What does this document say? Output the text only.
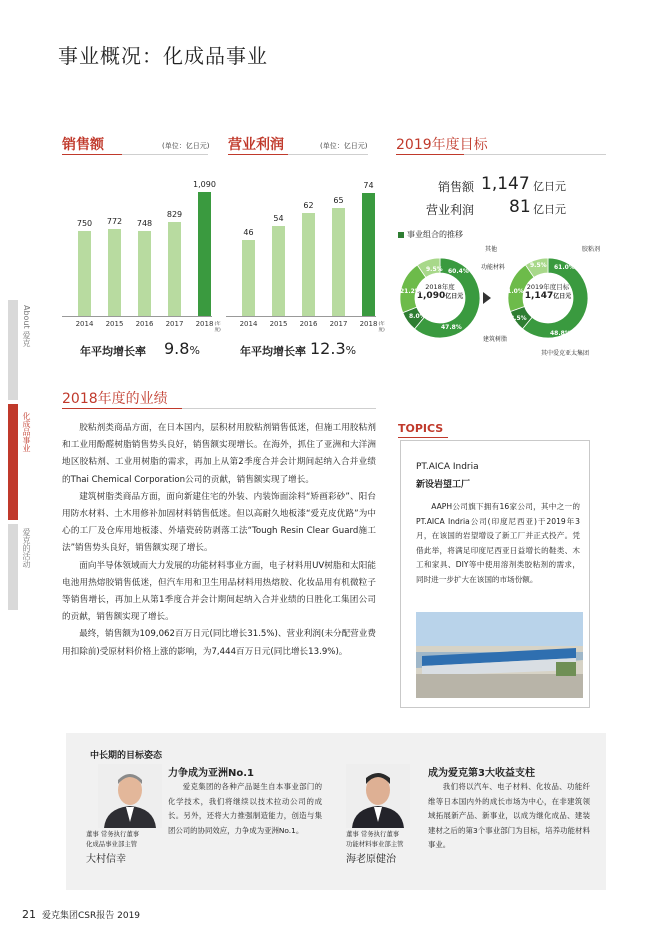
事业概况：化成品事业
About 爱克
化成品事业
爱克的活动
销售额	(单位：亿日元)
750
2014
772
2015
748
2016
829
2017
1,090
2018 (年度)
年平均增长率 9.8%
营业利润	(单位：亿日元)
46
2014
54
2015
62
2016
65
2017
74
2018 (年度)
年平均增长率 12.3%
2019年度目标
销售额 1,147 亿日元
营业利润 81 亿日元
事业组合的推移
2018年度
1,090亿日元
2019年度目标
1,147亿日元
其他
功能材料
胶粘剂
建筑树脂
其中爱克亚太集团
60.4%
47.8%
21.2%
8.0%
9.5%	61.0%
48.8%
21.0%
8.5%
9.5%
2018年度的业绩

胶粘剂类商品方面，在日本国内，层积材用胶粘剂销售低迷，但施工用胶粘剂和工业用酚醛树脂销售势头良好，销售额实现增长。在海外，抓住了亚洲和大洋洲地区胶粘剂、工业用树脂的需求，再加上从第2季度合并会计期间起纳入合并业绩的Thai Chemical Corporation公司的贡献，销售额实现了增长。

建筑树脂类商品方面，面向新建住宅的外装、内装饰面涂料“矫画彩砂”、阳台用防水材料、土木用修补加固材料销售低迷。但以高耐久地板漆“爱克皮优路”为中心的工厂及仓库用地板漆、外墙瓷砖防剥落工法“Tough Resin Clear Guard施工法”销售势头良好，销售额实现了增长。

面向半导体领域而大力发展的功能材料事业方面，电子材料用UV树脂和太阳能电池用热熔胶销售低迷，但汽车用和卫生用品材料用热熔胶、化妆品用有机微粒子等销售增长，再加上从第1季度合并会计期间起纳入合并业绩的日胜化工集团公司的贡献，销售额实现了增长。

最终，销售额为109,062百万日元(同比增长31.5%)、营业利润(未分配营业费用扣除前)受原材料价格上涨的影响，为7,444百万日元(同比增长13.9%)。

TOPICS
PT.AICA Indria
新设岩望工厂

AAPH公司旗下拥有16家公司，其中之一的PT.AICA Indria公司(印度尼西亚)于2019年3月，在该国的岩望增设了新工厂并正式投产。凭借此举，将满足印度尼西亚日益增长的鞋类、木工和家具、DIY等中使用溶剂类胶粘剂的需求，同时进一步扩大在该国的市场份额。

中长期的目标姿态
力争成为亚洲No.1

爱克集团的各种产品诞生自本事业部门的化学技术，我们将继续以技术拉动公司的成长。另外，还将大力推强制造能力，创造与集团公司的协同效应，力争成为亚洲No.1。

董事 常务执行董事
化成品事业部主管
大村信幸
成为爱克第3大收益支柱

我们将以汽车、电子材料、化妆品、功能纤维等日本国内外的成长市场为中心，在非建筑领域拓展新产品、新事业，以成为继化成品、建装建材之后的第3个事业部门为目标，培养功能材料事业。

董事 常务执行董事
功能材料事业部主管
海老原健治
21 爱克集团CSR报告 2019
